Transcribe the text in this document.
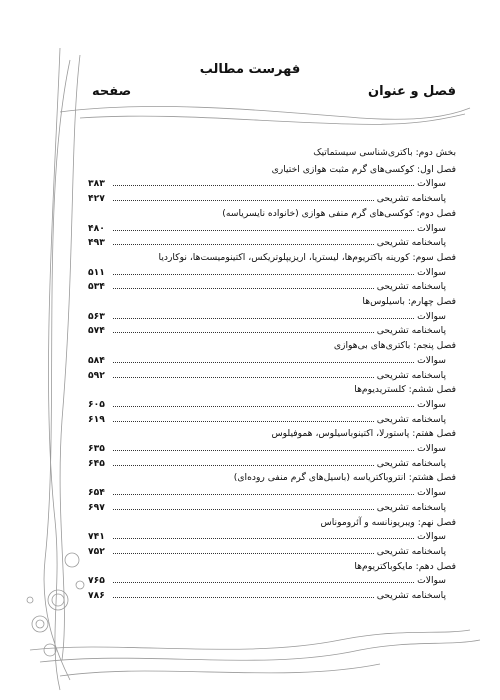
فهرست مطالب
فصل و عنوان
صفحه
بخش دوم: باکتری‌شناسی سیستماتیک
فصل اول: کوکسی‌های گرم مثبت هوازی اختیاری
سوالات
۳۸۳
پاسخنامه تشریحی
۴۲۷
فصل دوم: کوکسی‌های گرم منفی هوازی (خانواده نایسریاسه)
سوالات
۴۸۰
پاسخنامه تشریحی
۴۹۳
فصل سوم: کورینه باکتریوم‌ها، لیستریا، اریزیپلوتریکس، اکتینومیست‌ها، نوکاردیا
سوالات
۵۱۱
پاسخنامه تشریحی
۵۳۴
فصل چهارم: باسیلوس‌ها
سوالات
۵۶۳
پاسخنامه تشریحی
۵۷۴
فصل پنجم: باکتری‌های بی‌هوازی
سوالات
۵۸۴
پاسخنامه تشریحی
۵۹۲
فصل ششم: کلستریدیوم‌ها
سوالات
۶۰۵
پاسخنامه تشریحی
۶۱۹
فصل هفتم: پاستورلا، اکتینوباسیلوس، هموفیلوس
سوالات
۶۳۵
پاسخنامه تشریحی
۶۴۵
فصل هشتم: انتروباکتریاسه (باسیل‌های گرم منفی روده‌ای)
سوالات
۶۵۴
پاسخنامه تشریحی
۶۹۷
فصل نهم: ویبریونانسه و آئروموناس
سوالات
۷۴۱
پاسخنامه تشریحی
۷۵۲
فصل دهم: مایکوباکتریوم‌ها
سوالات
۷۶۵
پاسخنامه تشریحی
۷۸۶
